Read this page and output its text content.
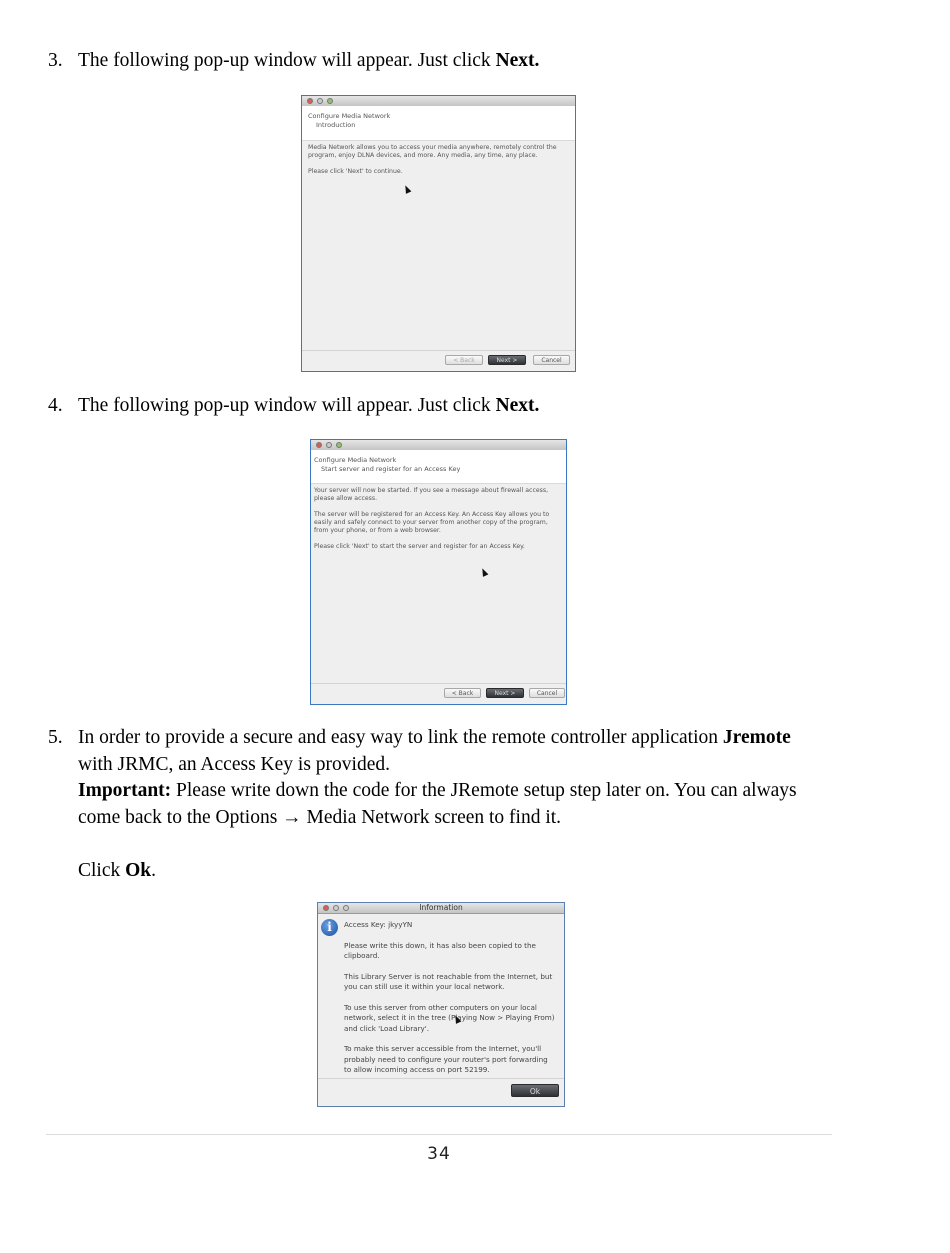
3. The following pop-up window will appear. Just click Next.
Configure Media Network
Introduction

Media Network allows you to access your media anywhere, remotely control the program, enjoy DLNA devices, and more. Any media, any time, any place.

Please click 'Next' to continue.

< Back	Next >	Cancel
4. The following pop-up window will appear. Just click Next.
Configure Media Network
Start server and register for an Access Key

Your server will now be started. If you see a message about firewall access, please allow access.

The server will be registered for an Access Key. An Access Key allows you to easily and safely connect to your server from another copy of the program, from your phone, or from a web browser.

Please click 'Next' to start the server and register for an Access Key.

< Back	Next >	Cancel
5. In order to provide a secure and easy way to link the remote controller application Jremote
with JRMC, an Access Key is provided.
Important: Please write down the code for the JRemote setup step later on. You can always
come back to the Options → Media Network screen to find it.
Click Ok.
Information
i	Access Key: jkyyYN

Please write this down, it has also been copied to the clipboard.

This Library Server is not reachable from the Internet, but you can still use it within your local network.

To use this server from other computers on your local network, select it in the tree (Playing Now > Playing From) and click 'Load Library'.

To make this server accessible from the Internet, you'll probably need to configure your router's port forwarding to allow incoming access on port 52199.

Ok
34
